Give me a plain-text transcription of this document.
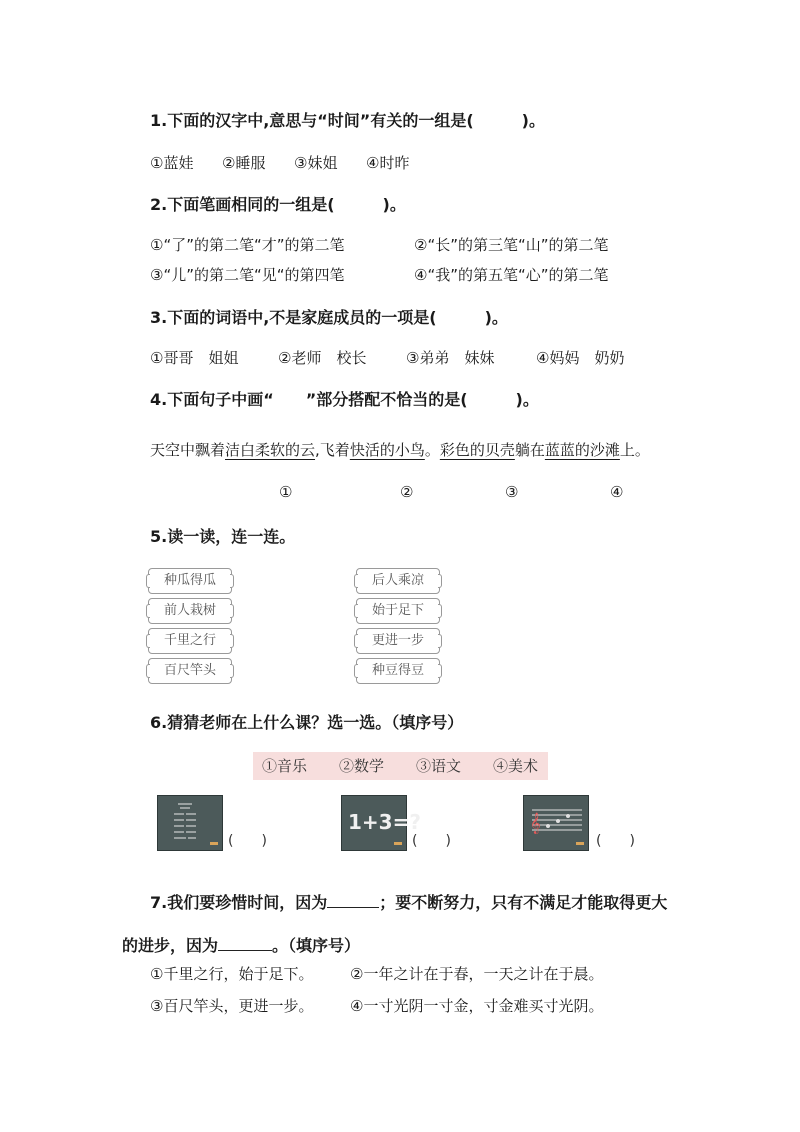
1.下面的汉字中,意思与“时间”有关的一组是(　　　)。
①蓝娃 ②睡服 ③妹姐 ④时昨
2.下面笔画相同的一组是(　　　)。
①“了”的第二笔“才”的第二笔	②“长”的第三笔“山”的第二笔
③“儿”的第二笔“见“的第四笔	④“我”的第五笔“心”的第二笔
3.下面的词语中,不是家庭成员的一项是(　　　)。
①哥哥　姐姐	②老师　校长	③弟弟　妹妹	④妈妈　奶奶
4.下面句子中画“　　”部分搭配不恰当的是(　　　)。
天空中飘着洁白柔软的云,飞着快活的小鸟。彩色的贝壳躺在蓝蓝的沙滩上。
①	②	③	④
5.读一读，连一连。
种瓜得瓜
前人栽树
千里之行
百尺竿头
后人乘凉
始于足下
更进一步
种豆得豆
6.猜猜老师在上什么课？选一选。（填序号）
①音乐 ②数学 ③语文 ④美术
(　　)
1+3=?
(　　)
𝄞
(　　)
7.我们要珍惜时间，因为	；要不断努力，只有不满足才能取得更大
的进步，因为	。（填序号）
①千里之行，始于足下。 ②一年之计在于春，一天之计在于晨。
③百尺竿头，更进一步。 ④一寸光阴一寸金，寸金难买寸光阴。
